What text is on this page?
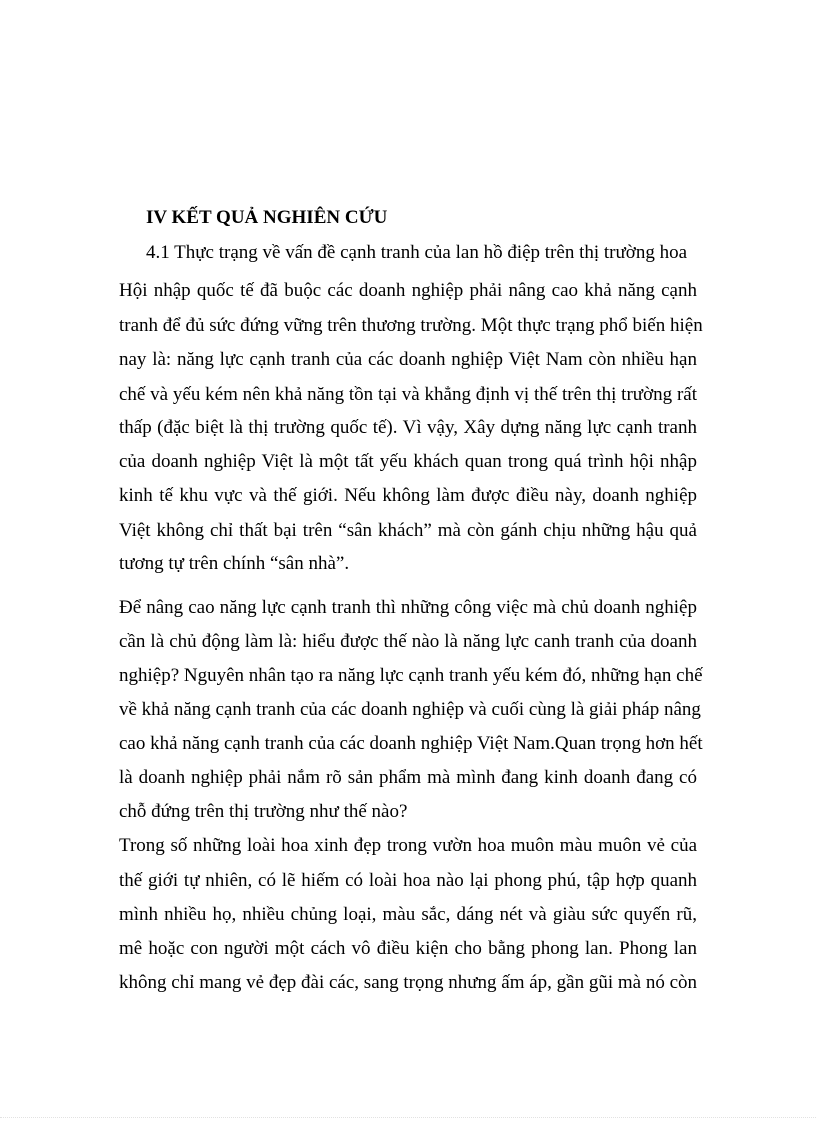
IV KẾT QUẢ NGHIÊN CỨU
4.1 Thực trạng về vấn đề cạnh tranh của lan hồ điệp trên thị trường hoa
Hội nhập quốc tế đã buộc các doanh nghiệp phải nâng cao khả năng cạnh
tranh để đủ sức đứng vững trên thương trường. Một thực trạng phổ biến hiện
nay là: năng lực cạnh tranh của các doanh nghiệp Việt Nam còn nhiều hạn
chế và yếu kém nên khả năng tồn tại và khẳng định vị thế trên thị trường rất
thấp (đặc biệt là thị trường quốc tế). Vì vậy, Xây dựng năng lực cạnh tranh
của doanh nghiệp Việt là một tất yếu khách quan trong quá trình hội nhập
kinh tế khu vực và thế giới. Nếu không làm được điều này, doanh nghiệp
Việt không chỉ thất bại trên “sân khách” mà còn gánh chịu những hậu quả
tương tự trên chính “sân nhà”.
Để nâng cao năng lực cạnh tranh thì những công việc mà chủ doanh nghiệp
cần là chủ động làm là: hiểu được thế nào là năng lực canh tranh của doanh
nghiệp? Nguyên nhân tạo ra năng lực cạnh tranh yếu kém đó, những hạn chế
về khả năng cạnh tranh của các doanh nghiệp và cuối cùng là giải pháp nâng
cao khả năng cạnh tranh của các doanh nghiệp Việt Nam.Quan trọng hơn hết
là doanh nghiệp phải nắm rõ sản phẩm mà mình đang kinh doanh đang có
chỗ đứng trên thị trường như thế nào?
Trong số những loài hoa xinh đẹp trong vườn hoa muôn màu muôn vẻ của
thế giới tự nhiên, có lẽ hiếm có loài hoa nào lại phong phú, tập hợp quanh
mình nhiều họ, nhiều chủng loại, màu sắc, dáng nét và giàu sức quyến rũ,
mê hoặc con người một cách vô điều kiện cho bằng phong lan. Phong lan
không chỉ mang vẻ đẹp đài các, sang trọng nhưng ấm áp, gần gũi mà nó còn
